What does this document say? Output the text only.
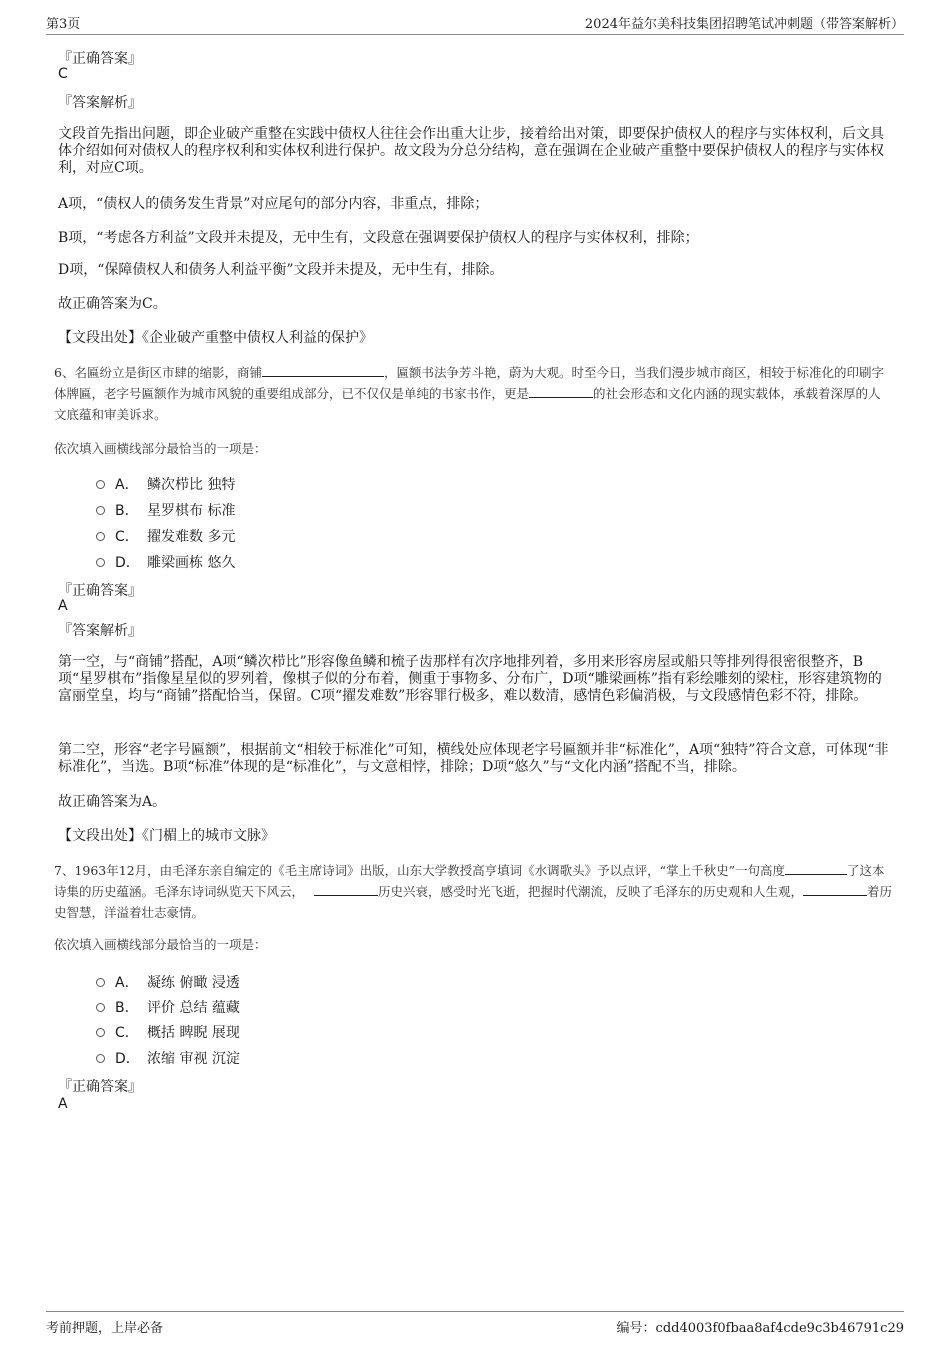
第3页	2024年益尔美科技集团招聘笔试冲刺题（带答案解析）
『正确答案』
C
『答案解析』
文段首先指出问题，即企业破产重整在实践中债权人往往会作出重大让步，接着给出对策，即要保护债权人的程序与实体权利，后文具体介绍如何对债权人的程序权利和实体权利进行保护。故文段为分总分结构，意在强调在企业破产重整中要保护债权人的程序与实体权利，对应C项。
A项，“债权人的债务发生背景”对应尾句的部分内容，非重点，排除；
B项，“考虑各方利益”文段并未提及，无中生有，文段意在强调要保护债权人的程序与实体权利，排除；
D项，“保障债权人和债务人利益平衡”文段并未提及，无中生有，排除。
故正确答案为C。
【文段出处】《企业破产重整中债权人利益的保护》
6、名匾纷立是街区市肆的缩影，商铺	，匾额书法争芳斗艳，蔚为大观。时至今日，当我们漫步城市商区，相较于标准化的印刷字体牌匾，老字号匾额作为城市风貌的重要组成部分，已不仅仅是单纯的书家书作，更是	的社会形态和文化内涵的现实载体，承载着深厚的人文底蕴和审美诉求。
依次填入画横线部分最恰当的一项是：
A． 鳞次栉比 独特
B． 星罗棋布 标准
C． 擢发难数 多元
D． 雕梁画栋 悠久
『正确答案』
A
『答案解析』
第一空，与“商铺”搭配，A项“鳞次栉比”形容像鱼鳞和梳子齿那样有次序地排列着，多用来形容房屋或船只等排列得很密很整齐，B项“星罗棋布”指像星星似的罗列着，像棋子似的分布着，侧重于事物多、分布广，D项“雕梁画栋”指有彩绘雕刻的梁柱，形容建筑物的富丽堂皇，均与“商铺”搭配恰当，保留。C项“擢发难数”形容罪行极多，难以数清，感情色彩偏消极，与文段感情色彩不符，排除。
第二空，形容“老字号匾额”，根据前文“相较于标准化”可知，横线处应体现老字号匾额并非“标准化”，A项“独特”符合文意，可体现“非标准化”，当选。B项“标准”体现的是“标准化”，与文意相悖，排除；D项“悠久”与“文化内涵”搭配不当，排除。
故正确答案为A。
【文段出处】《门楣上的城市文脉》
7、1963年12月，由毛泽东亲自编定的《毛主席诗词》出版，山东大学教授高亨填词《水调歌头》予以点评，“掌上千秋史”一句高度	了这本诗集的历史蕴涵。毛泽东诗词纵览天下风云，	历史兴衰，感受时光飞逝，把握时代潮流，反映了毛泽东的历史观和人生观，	着历史智慧，洋溢着壮志豪情。
依次填入画横线部分最恰当的一项是：
A． 凝练 俯瞰 浸透
B． 评价 总结 蕴藏
C． 概括 睥睨 展现
D． 浓缩 审视 沉淀
『正确答案』
A
考前押题，上岸必备	编号：cdd4003f0fbaa8af4cde9c3b46791c29
